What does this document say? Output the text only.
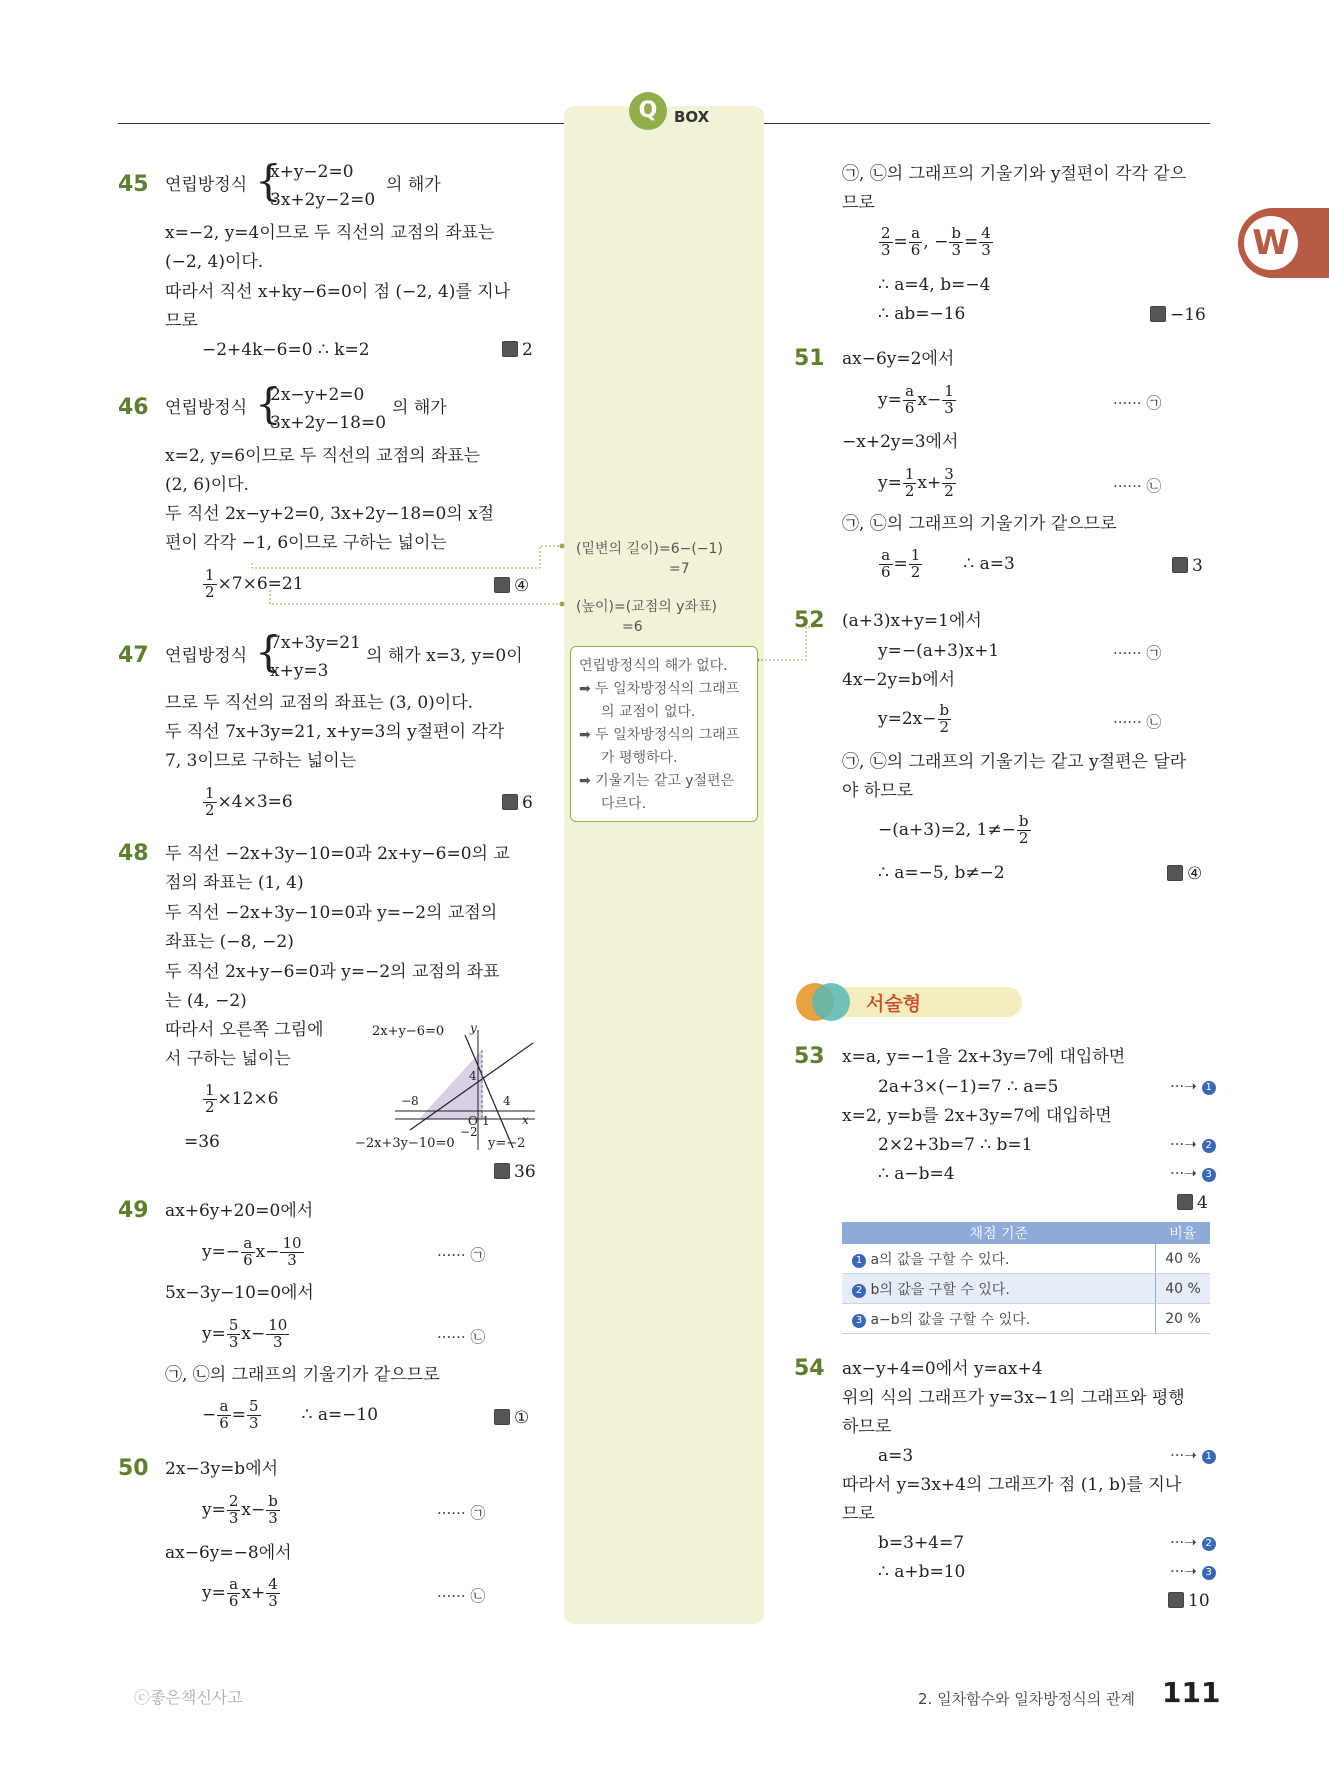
Q	BOX
W
45 연립방정식 {
x+y−2=0
3x+2y−2=0
의 해가
x=−2, y=4이므로 두 직선의 교점의 좌표는
(−2, 4)이다.
따라서 직선 x+ky−6=0이 점 (−2, 4)를 지나
므로
−2+4k−6=0 ∴ k=2	2
46 연립방정식 {
2x−y+2=0
3x+2y−18=0
의 해가
x=2, y=6이므로 두 직선의 교점의 좌표는
(2, 6)이다.
두 직선 2x−y+2=0, 3x+2y−18=0의 x절
편이 각각 −1, 6이므로 구하는 넓이는
$\frac{1}{2} \times 7\times 6=21$	④
(밑변의 길이)=6−(−1)
=7
(높이)=(교점의 y좌표)
=6
연립방정식의 해가 없다.
➡ 두 일차방정식의 그래프
의 교점이 없다.
➡ 두 일차방정식의 그래프
가 평행하다.
➡ 기울기는 같고 y절편은
다르다.
47 연립방정식 {
7x+3y=21
x+y=3
의 해가 x=3, y=0이
므로 두 직선의 교점의 좌표는 (3, 0)이다.
두 직선 7x+3y=21, x+y=3의 y절편이 각각
7, 3이므로 구하는 넓이는
$\frac{1}{2} \times 4\times 3=6$	6
48 두 직선 −2x+3y−10=0과 2x+y−6=0의 교
점의 좌표는 (1, 4)
두 직선 −2x+3y−10=0과 y=−2의 교점의
좌표는 (−8, −2)
두 직선 2x+y−6=0과 y=−2의 교점의 좌표
는 (4, −2)
따라서 오른쪽 그림에
서 구하는 넓이는
$\frac{1}{2} \times 12\times 6$
=36
36
2x+y−6=0 y
4
−8	4
O 1	x
−2
−2x+3y−10=0	y=−2
49 ax+6y+20=0에서
$y=- \frac{a}{6} x- \frac{10}{3}$	······ ㉠
5x−3y−10=0에서
$y= \frac{5}{3} x- \frac{10}{3}$	······ ㉡
㉠, ㉡의 그래프의 기울기가 같으므로
− $\frac{a}{6} = \frac{5}{3}$ ∴ a=−10	①
50 2x−3y=b에서
$y= \frac{2}{3} x- \frac{b}{3}$	······ ㉠
ax−6y=−8에서
$y= \frac{a}{6} x+ \frac{4}{3}$	······ ㉡
㉠, ㉡의 그래프의 기울기와 y절편이 각각 같으
므로
$\frac{2}{3} = \frac{a}{6}$ , − $\frac{b}{3} = \frac{4}{3}$
∴ a=4, b=−4
∴ ab=−16	−16
51 ax−6y=2에서
$y= \frac{a}{6} x- \frac{1}{3}$	······ ㉠
−x+2y=3에서
$y= \frac{1}{2} x+ \frac{3}{2}$	······ ㉡
㉠, ㉡의 그래프의 기울기가 같으므로
$\frac{a}{6} = \frac{1}{2}$ ∴ a=3	3
52 (a+3)x+y=1에서
y=−(a+3)x+1	······ ㉠
4x−2y=b에서
$y=2x- \frac{b}{2}$	······ ㉡
㉠, ㉡의 그래프의 기울기는 같고 y절편은 달라
야 하므로
−(a+3)=2, $1\ne- \frac{b}{2}$
∴ a=−5, b≠−2	④
서술형
53 x=a, y=−1을 2x+3y=7에 대입하면
2a+3×(−1)=7 ∴ a=5	···➝ 1
x=2, y=b를 2x+3y=7에 대입하면
2×2+3b=7 ∴ b=1	···➝ 2
∴ a−b=4	···➝ 3
4
채점 기준	비율
1 a의 값을 구할 수 있다.	40 %
2 b의 값을 구할 수 있다.	40 %
3 a−b의 값을 구할 수 있다.	20 %
54 ax−y+4=0에서 y=ax+4
위의 식의 그래프가 y=3x−1의 그래프와 평행
하므로
a=3	···➝ 1
따라서 y=3x+4의 그래프가 점 (1, b)를 지나
므로
b=3+4=7	···➝ 2
∴ a+b=10	···➝ 3
10
ⓒ좋은책신사고	2. 일차함수와 일차방정식의 관계 111
